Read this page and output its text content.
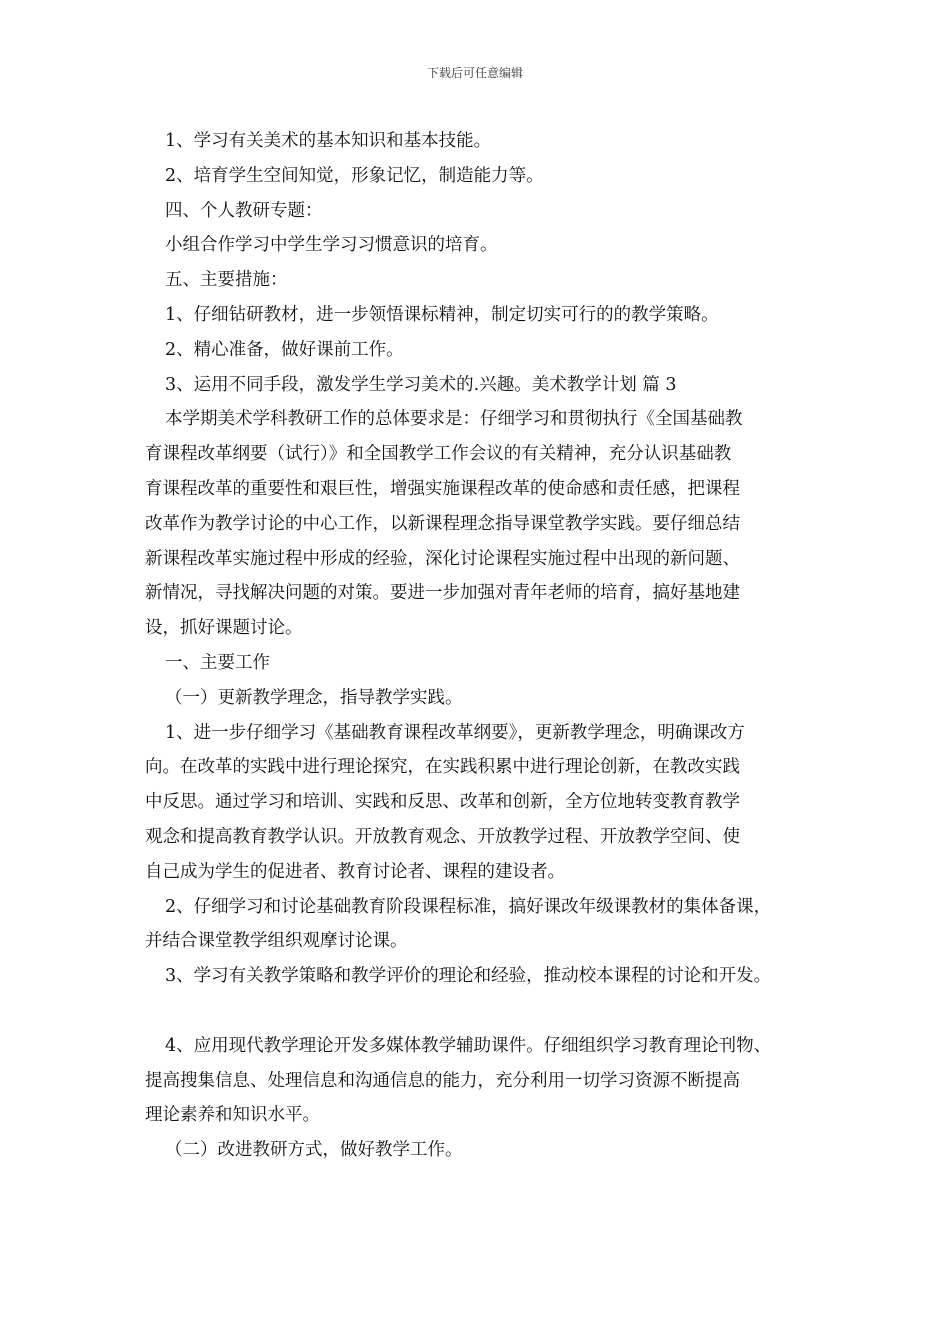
下载后可任意编辑
1、学习有关美术的基本知识和基本技能。
2、培育学生空间知觉，形象记忆，制造能力等。
四、个人教研专题：
小组合作学习中学生学习习惯意识的培育。
五、主要措施：
1、仔细钻研教材，进一步领悟课标精神，制定切实可行的的教学策略。
2、精心准备，做好课前工作。
3、运用不同手段，激发学生学习美术的.兴趣。美术教学计划 篇 3
本学期美术学科教研工作的总体要求是：仔细学习和贯彻执行《全国基础教
育课程改革纲要（试行）》和全国教学工作会议的有关精神，充分认识基础教
育课程改革的重要性和艰巨性，增强实施课程改革的使命感和责任感，把课程
改革作为教学讨论的中心工作，以新课程理念指导课堂教学实践。要仔细总结
新课程改革实施过程中形成的经验，深化讨论课程实施过程中出现的新问题、
新情况，寻找解决问题的对策。要进一步加强对青年老师的培育，搞好基地建
设，抓好课题讨论。
一、主要工作
（一）更新教学理念，指导教学实践。
1、进一步仔细学习《基础教育课程改革纲要》，更新教学理念，明确课改方
向。在改革的实践中进行理论探究，在实践积累中进行理论创新，在教改实践
中反思。通过学习和培训、实践和反思、改革和创新，全方位地转变教育教学
观念和提高教育教学认识。开放教育观念、开放教学过程、开放教学空间、使
自己成为学生的促进者、教育讨论者、课程的建设者。
2、仔细学习和讨论基础教育阶段课程标准，搞好课改年级课教材的集体备课，
并结合课堂教学组织观摩讨论课。
3、学习有关教学策略和教学评价的理论和经验，推动校本课程的讨论和开发。
4、应用现代教学理论开发多媒体教学辅助课件。仔细组织学习教育理论刊物、
提高搜集信息、处理信息和沟通信息的能力，充分利用一切学习资源不断提高
理论素养和知识水平。
（二）改进教研方式，做好教学工作。
